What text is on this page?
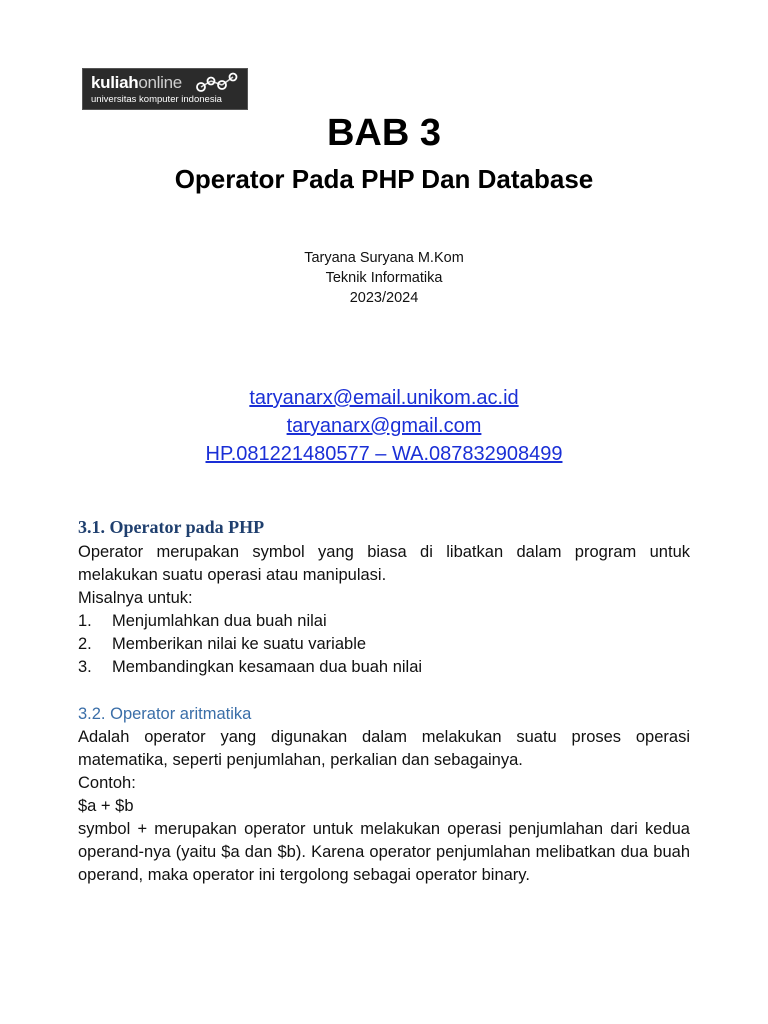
kuliahonline
universitas komputer indonesia
BAB 3
Operator Pada PHP Dan Database
Taryana Suryana M.Kom
Teknik Informatika
2023/2024
taryanarx@email.unikom.ac.id
taryanarx@gmail.com
HP.081221480577 – WA.087832908499
3.1. Operator pada PHP

Operator merupakan symbol yang biasa di libatkan dalam program untuk melakukan suatu operasi atau manipulasi.

Misalnya untuk:

1.	Menjumlahkan dua buah nilai
2.	Memberikan nilai ke suatu variable
3.	Membandingkan kesamaan dua buah nilai
3.2. Operator aritmatika

Adalah operator yang digunakan dalam melakukan suatu proses operasi matematika, seperti penjumlahan, perkalian dan sebagainya.

Contoh:

$a + $b

symbol + merupakan operator untuk melakukan operasi penjumlahan dari kedua operand-nya (yaitu $a dan $b). Karena operator penjumlahan melibatkan dua buah operand, maka operator ini tergolong sebagai operator binary.
